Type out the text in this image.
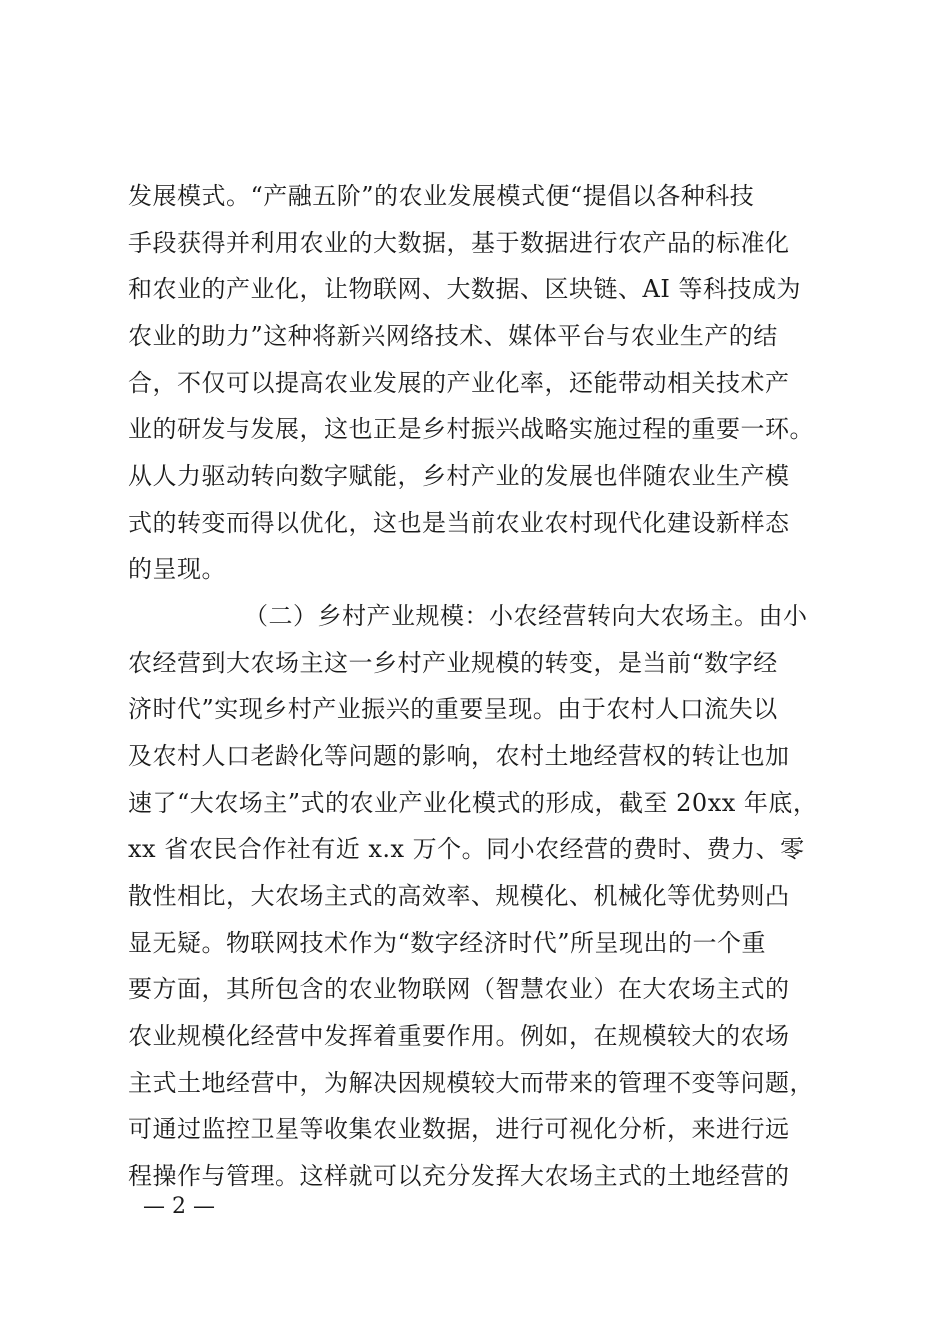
发展模式。“产融五阶”的农业发展模式便“提倡以各种科技
手段获得并利用农业的大数据，基于数据进行农产品的标准化
和农业的产业化，让物联网、大数据、区块链、AI 等科技成为
农业的助力”这种将新兴网络技术、媒体平台与农业生产的结
合，不仅可以提高农业发展的产业化率，还能带动相关技术产
业的研发与发展，这也正是乡村振兴战略实施过程的重要一环。
从人力驱动转向数字赋能，乡村产业的发展也伴随农业生产模
式的转变而得以优化，这也是当前农业农村现代化建设新样态
的呈现。
（二）乡村产业规模：小农经营转向大农场主。由小
农经营到大农场主这一乡村产业规模的转变，是当前“数字经
济时代”实现乡村产业振兴的重要呈现。由于农村人口流失以
及农村人口老龄化等问题的影响，农村土地经营权的转让也加
速了“大农场主”式的农业产业化模式的形成，截至 20xx 年底，
xx 省农民合作社有近 x.x 万个。同小农经营的费时、费力、零
散性相比，大农场主式的高效率、规模化、机械化等优势则凸
显无疑。物联网技术作为“数字经济时代”所呈现出的一个重
要方面，其所包含的农业物联网（智慧农业）在大农场主式的
农业规模化经营中发挥着重要作用。例如，在规模较大的农场
主式土地经营中，为解决因规模较大而带来的管理不变等问题，
可通过监控卫星等收集农业数据，进行可视化分析，来进行远
程操作与管理。这样就可以充分发挥大农场主式的土地经营的
— 2 —
